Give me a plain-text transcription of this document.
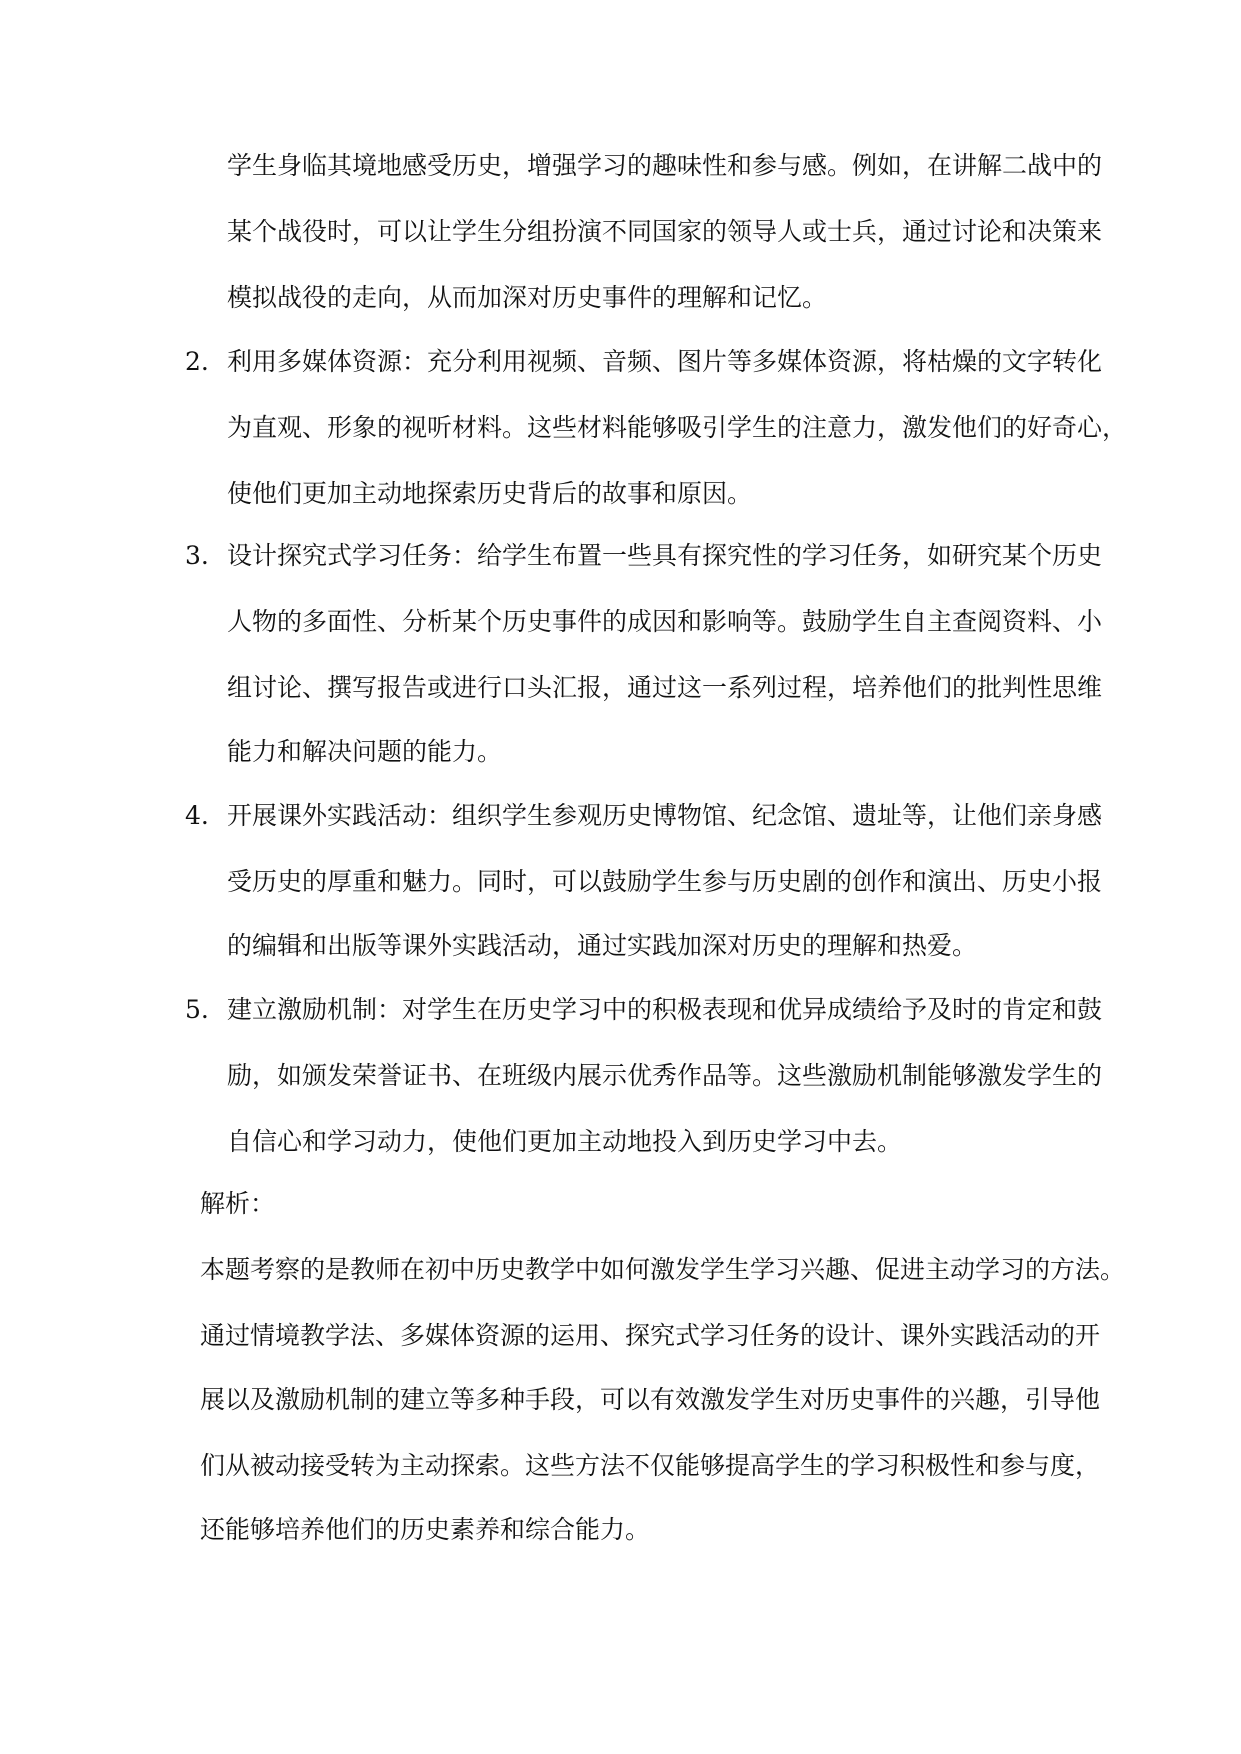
学生身临其境地感受历史，增强学习的趣味性和参与感。例如，在讲解二战中的
某个战役时，可以让学生分组扮演不同国家的领导人或士兵，通过讨论和决策来
模拟战役的走向，从而加深对历史事件的理解和记忆。
2. 利用多媒体资源：充分利用视频、音频、图片等多媒体资源，将枯燥的文字转化
为直观、形象的视听材料。这些材料能够吸引学生的注意力，激发他们的好奇心，
使他们更加主动地探索历史背后的故事和原因。
3. 设计探究式学习任务：给学生布置一些具有探究性的学习任务，如研究某个历史
人物的多面性、分析某个历史事件的成因和影响等。鼓励学生自主查阅资料、小
组讨论、撰写报告或进行口头汇报，通过这一系列过程，培养他们的批判性思维
能力和解决问题的能力。
4. 开展课外实践活动：组织学生参观历史博物馆、纪念馆、遗址等，让他们亲身感
受历史的厚重和魅力。同时，可以鼓励学生参与历史剧的创作和演出、历史小报
的编辑和出版等课外实践活动，通过实践加深对历史的理解和热爱。
5. 建立激励机制：对学生在历史学习中的积极表现和优异成绩给予及时的肯定和鼓
励，如颁发荣誉证书、在班级内展示优秀作品等。这些激励机制能够激发学生的
自信心和学习动力，使他们更加主动地投入到历史学习中去。
解析：
本题考察的是教师在初中历史教学中如何激发学生学习兴趣、促进主动学习的方法。
通过情境教学法、多媒体资源的运用、探究式学习任务的设计、课外实践活动的开
展以及激励机制的建立等多种手段，可以有效激发学生对历史事件的兴趣，引导他
们从被动接受转为主动探索。这些方法不仅能够提高学生的学习积极性和参与度，
还能够培养他们的历史素养和综合能力。
